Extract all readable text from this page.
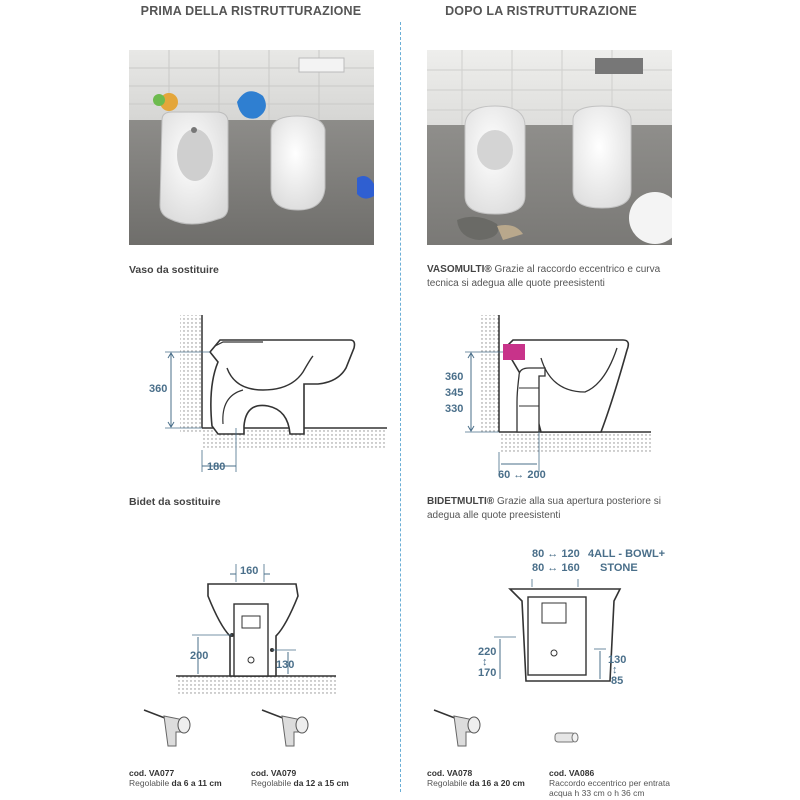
PRIMA DELLA RISTRUTTURAZIONE	DOPO LA RISTRUTTURAZIONE
Vaso da sostituire	VASOMULTI® Grazie al raccordo eccentrico e curva tecnica si adegua alle quote preesistenti
360
180
360
345
330
60 ↔ 200
Bidet da sostituire	BIDETMULTI® Grazie alla sua apertura posteriore si adegua alle quote preesistenti
160
200
130
80 ↔ 120
80 ↔ 160
4ALL - BOWL+
STONE
220
↕
170
130
↕
85
cod. VA077
Regolabile da 6 a 11 cm
cod. VA079
Regolabile da 12 a 15 cm
cod. VA078
Regolabile da 16 a 20 cm
cod. VA086
Raccordo eccentrico per entrata
acqua h 33 cm o h 36 cm
